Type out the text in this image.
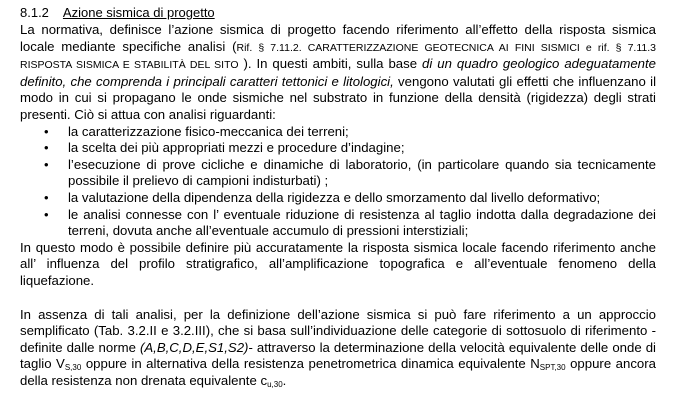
8.1.2 Azione sismica di progetto

La normativa, definisce l’azione sismica di progetto facendo riferimento all’effetto della risposta sismica locale mediante specifiche analisi (Rif. § 7.11.2. CARATTERIZZAZIONE GEOTECNICA AI FINI SISMICI e rif. § 7.11.3 RISPOSTA SISMICA E STABILITÀ DEL SITO ). In questi ambiti, sulla base di un quadro geologico adeguatamente definito, che comprenda i principali caratteri tettonici e litologici, vengono valutati gli effetti che influenzano il modo in cui si propagano le onde sismiche nel substrato in funzione della densità (rigidezza) degli strati presenti. Ciò si attua con analisi riguardanti:

• la caratterizzazione fisico-meccanica dei terreni;
• la scelta dei più appropriati mezzi e procedure d’indagine;
• l’esecuzione di prove cicliche e dinamiche di laboratorio, (in particolare quando sia tecnicamente possibile il prelievo di campioni indisturbati) ;
• la valutazione della dipendenza della rigidezza e dello smorzamento dal livello deformativo;
• le analisi connesse con l’ eventuale riduzione di resistenza al taglio indotta dalla degradazione dei terreni, dovuta anche all’eventuale accumulo di pressioni interstiziali;

In questo modo è possibile definire più accuratamente la risposta sismica locale facendo riferimento anche all’ influenza del profilo stratigrafico, all’amplificazione topografica e all’eventuale fenomeno della liquefazione.

In assenza di tali analisi, per la definizione dell’azione sismica si può fare riferimento a un approccio semplificato (Tab. 3.2.II e 3.2.III), che si basa sull’individuazione delle categorie di sottosuolo di riferimento -definite dalle norme (A,B,C,D,E,S1,S2)- attraverso la determinazione della velocità equivalente delle onde di taglio $V_{S,30}$ oppure in alternativa della resistenza penetrometrica dinamica equivalente $N_{SPT,30}$ oppure ancora della resistenza non drenata equivalente $c_{u,30}$.
